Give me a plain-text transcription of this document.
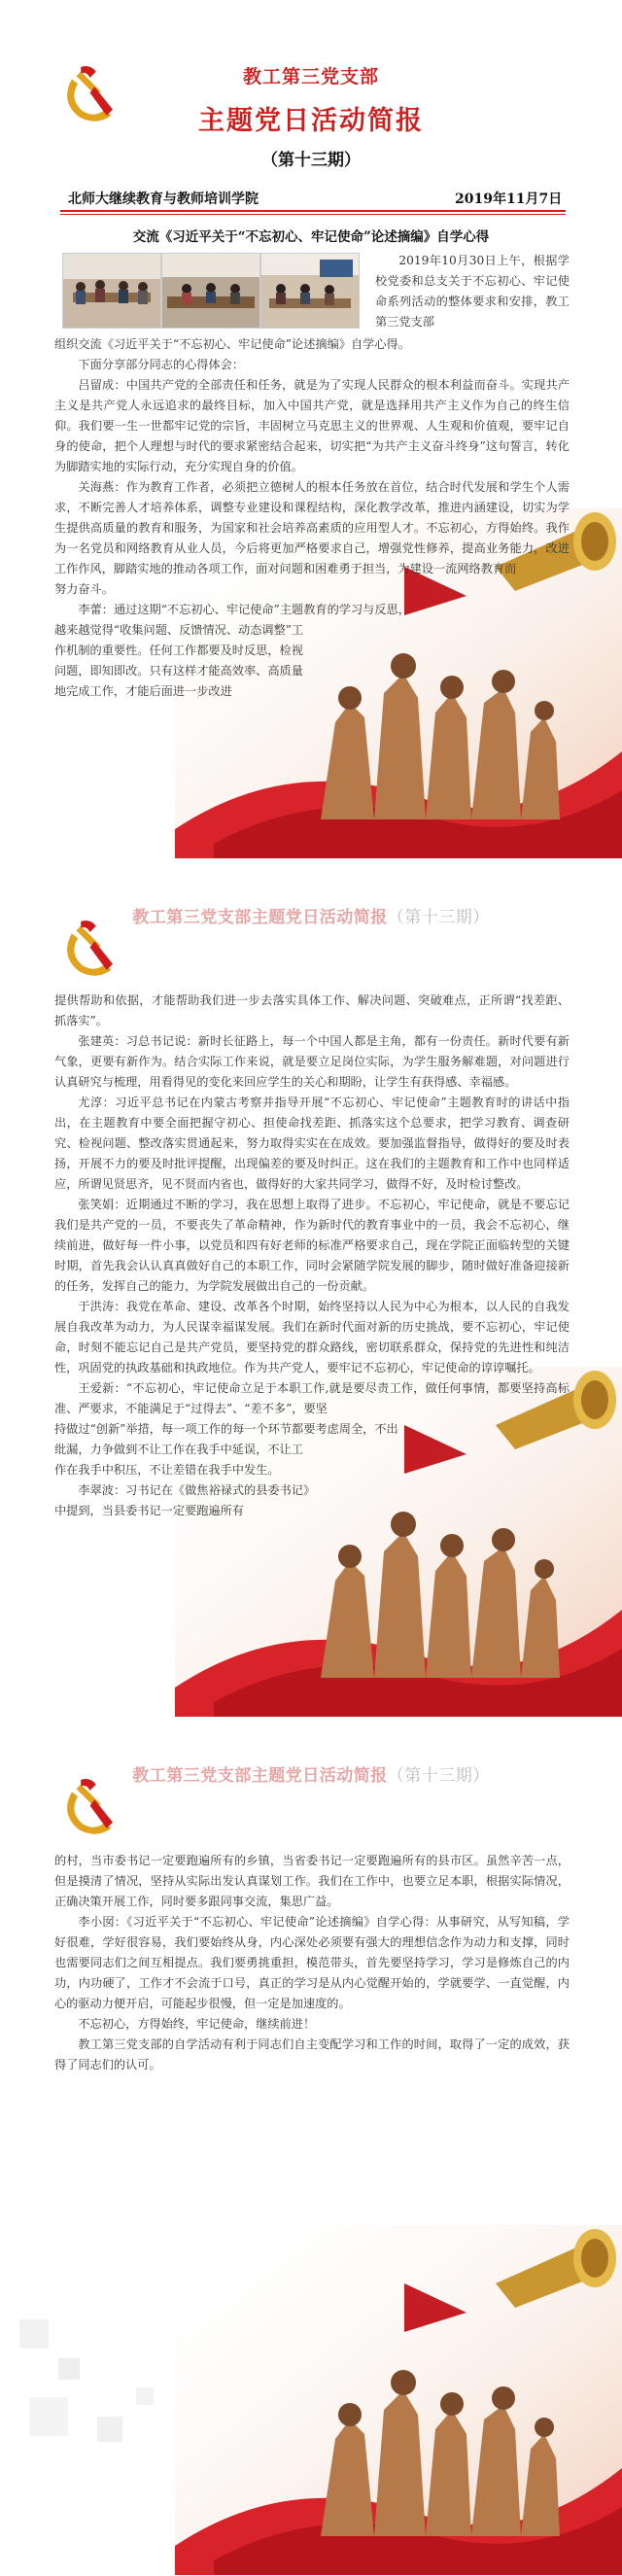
教工第三党支部
主题党日活动简报
（第十三期）
北师大继续教育与教师培训学院	2019年11月7日
交流《习近平关于“不忘初心、牢记使命”论述摘编》自学心得

2019年10月30日上午，根据学校党委和总支关于不忘初心、牢记使命系列活动的整体要求和安排，教工第三党支部

组织交流《习近平关于“不忘初心、牢记使命”论述摘编》自学心得。

下面分享部分同志的心得体会：

吕留成：中国共产党的全部责任和任务，就是为了实现人民群众的根本利益而奋斗。实现共产主义是共产党人永远追求的最终目标，加入中国共产党，就是选择用共产主义作为自己的终生信仰。我们要一生一世都牢记党的宗旨，丰固树立马克思主义的世界观、人生观和价值观，要牢记自身的使命，把个人理想与时代的要求紧密结合起来，切实把“为共产主义奋斗终身”这句誓言，转化为脚踏实地的实际行动，充分实现自身的价值。

关海燕：作为教育工作者，必须把立德树人的根本任务放在首位，结合时代发展和学生个人需求，不断完善人才培养体系，调整专业建设和课程结构，深化教学改革，推进内涵建设，切实为学生提供高质量的教育和服务，为国家和社会培养高素质的应用型人才。不忘初心，方得始终。我作为一名党员和网络教育从业人员，今后将更加严格要求自己，增强党性修养，提高业务能力，改进工作作风，脚踏实地的推动各项工作，面对问题和困难勇于担当，为建设一流网络教育而

努力奋斗。

李蕾：通过这期“不忘初心、牢记使命”主题教育的学习与反思，

越来越觉得“收集问题、反馈情况、动态调整”工

作机制的重要性。任何工作都要及时反思，检视

问题，即知即改。只有这样才能高效率、高质量

地完成工作，才能后面进一步改进

教工第三党支部主题党日活动简报（第十三期）

提供帮助和依据，才能帮助我们进一步去落实具体工作、解决问题、突破难点，正所谓“找差距、抓落实”。

张建英：习总书记说：新时长征路上，每一个中国人都是主角，都有一份责任。新时代要有新气象，更要有新作为。结合实际工作来说，就是要立足岗位实际，为学生服务解难题，对问题进行认真研究与梳理，用看得见的变化来回应学生的关心和期盼，让学生有获得感、幸福感。

尤淳：习近平总书记在内蒙古考察并指导开展“不忘初心、牢记使命”主题教育时的讲话中指出，在主题教育中要全面把握守初心、担使命找差距、抓落实这个总要求，把学习教育、调查研究、检视问题、整改落实贯通起来，努力取得实实在在成效。要加强监督指导，做得好的要及时表扬，开展不力的要及时批评提醒，出现偏差的要及时纠正。这在我们的主题教育和工作中也同样适应，所谓见贤思齐，见不贤而内省也，做得好的大家共同学习，做得不好，及时检讨整改。

张笑娟：近期通过不断的学习，我在思想上取得了进步。不忘初心，牢记使命，就是不要忘记我们是共产党的一员，不要丧失了革命精神，作为新时代的教育事业中的一员，我会不忘初心，继续前进，做好每一件小事，以党员和四有好老师的标准严格要求自己，现在学院正面临转型的关键时期，首先我会认认真真做好自己的本职工作，同时会紧随学院发展的脚步，随时做好准备迎接新的任务，发挥自己的能力，为学院发展做出自己的一份贡献。

于洪涛：我党在革命、建设、改革各个时期，始终坚持以人民为中心为根本，以人民的自我发展自我改革为动力，为人民谋幸福谋发展。我们在新时代面对新的历史挑战，要不忘初心，牢记使命，时刻不能忘记自己是共产党员，要坚持党的群众路线，密切联系群众，保持党的先进性和纯洁性，巩固党的执政基础和执政地位。作为共产党人，要牢记不忘初心，牢记使命的谆谆嘱托。

王爱新：“不忘初心，牢记使命立足于本职工作,就是要尽责工作，做任何事情，都要坚持高标准、严要求，不能满足于“过得去”、“差不多”，要坚

持做过“创新”举措，每一项工作的每一个环节都要考虑周全，不出

纰漏，力争做到不让工作在我手中延误，不让工

作在我手中积压，不让差错在我手中发生。

李翠波：习书记在《做焦裕禄式的县委书记》

中提到，当县委书记一定要跑遍所有

教工第三党支部主题党日活动简报（第十三期）

的村，当市委书记一定要跑遍所有的乡镇，当省委书记一定要跑遍所有的县市区。虽然辛苦一点，但是摸清了情况，坚持从实际出发认真谋划工作。我们在工作中，也要立足本职，根据实际情况，正确决策开展工作，同时要多跟同事交流，集思广益。

李小囡：《习近平关于“不忘初心、牢记使命”论述摘编》自学心得：从事研究，从写知稿，学好很难，学好很容易，我们要始终从身，内心深处必须要有强大的理想信念作为动力和支撑，同时也需要同志们之间互相提点。我们要勇挑重担，模范带头，首先要坚持学习，学习是修炼自己的内功，内功硬了，工作才不会流于口号，真正的学习是从内心觉醒开始的，学就要学、一直觉醒，内心的驱动力便开启，可能起步很慢，但一定是加速度的。

不忘初心，方得始终，牢记使命，继续前进！

教工第三党支部的自学活动有利于同志们自主变配学习和工作的时间，取得了一定的成效，获得了同志们的认可。
